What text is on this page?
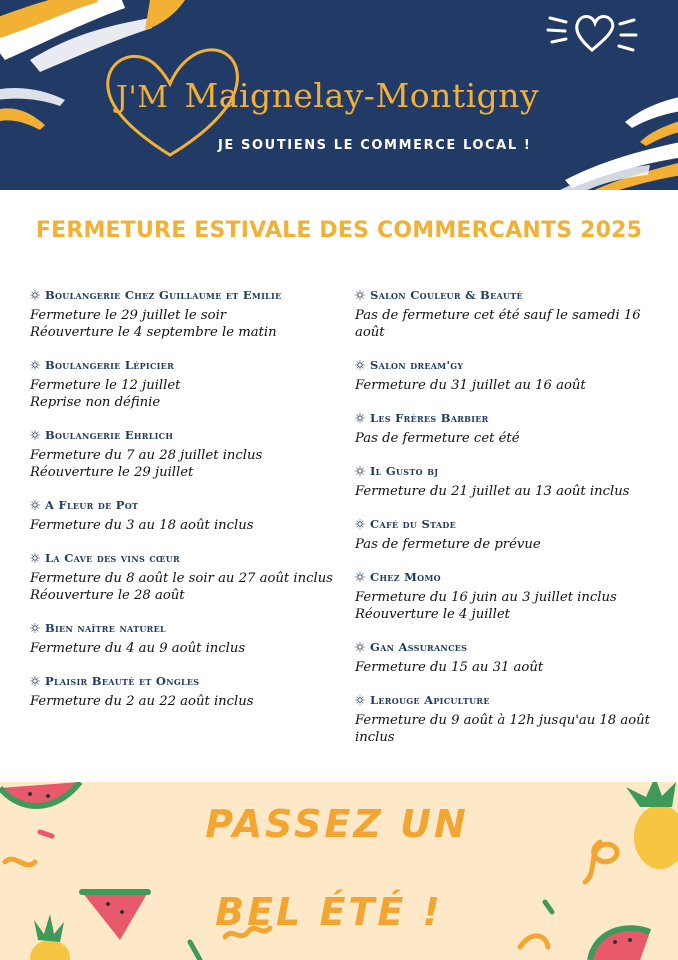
J'M Maignelay-Montigny
JE SOUTIENS LE COMMERCE LOCAL !
FERMETURE ESTIVALE DES COMMERCANTS 2025
Boulangerie Chez Guillaume et Emilie
Fermeture le 29 juillet le soir
Réouverture le 4 septembre le matin
Boulangerie Lépicier
Fermeture le 12 juillet
Reprise non définie
Boulangerie Ehrlich
Fermeture du 7 au 28 juillet inclus
Réouverture le 29 juillet
A Fleur de Pot
Fermeture du 3 au 18 août inclus
La Cave des vins cœur
Fermeture du 8 août le soir au 27 août inclus
Réouverture le 28 août
Bien naître naturel
Fermeture du 4 au 9 août inclus
Plaisir Beauté et Ongles
Fermeture du 2 au 22 août inclus
Salon Couleur & Beauté
Pas de fermeture cet été sauf le samedi 16 août
Salon dream'gy
Fermeture du 31 juillet au 16 août
Les Frères Barbier
Pas de fermeture cet été
Il Gusto bj
Fermeture du 21 juillet au 13 août inclus
Café du Stade
Pas de fermeture de prévue
Chez Momo
Fermeture du 16 juin au 3 juillet inclus
Réouverture le 4 juillet
Gan Assurances
Fermeture du 15 au 31 août
Lerouge Apiculture
Fermeture du 9 août à 12h jusqu'au 18 août inclus
PASSEZ UN
BEL ÉTÉ !
